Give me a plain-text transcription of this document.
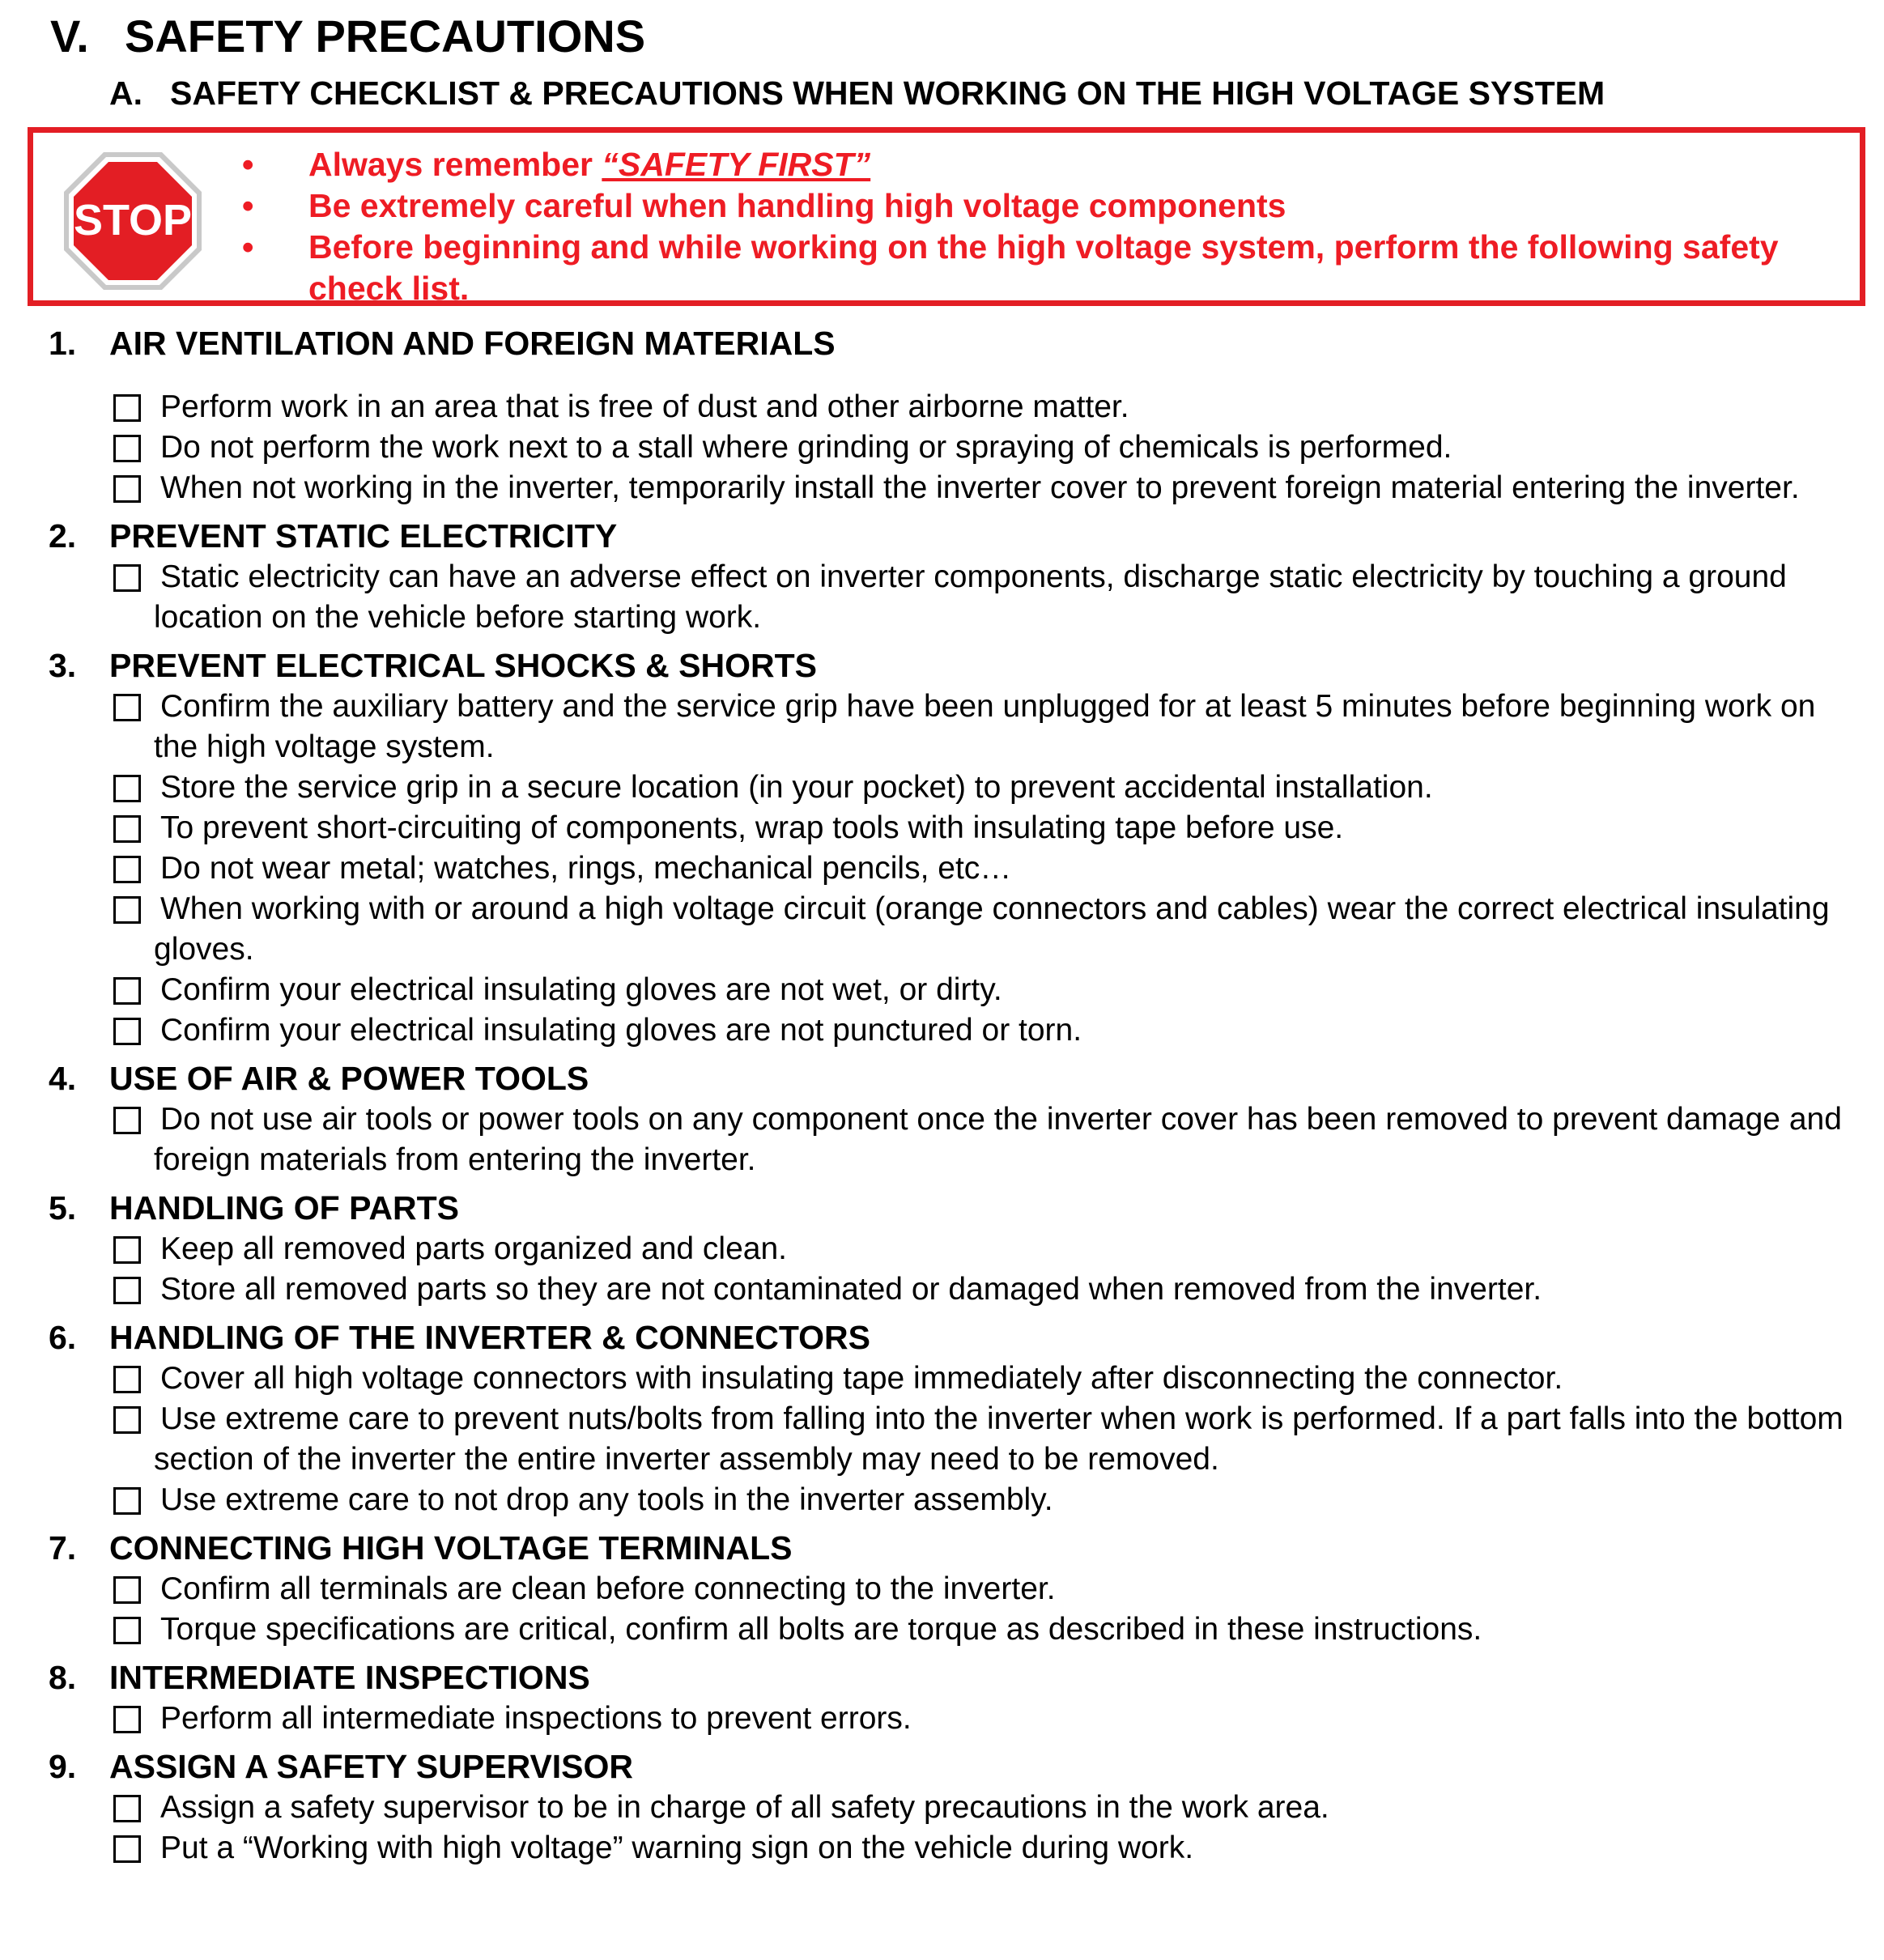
V. SAFETY PRECAUTIONS
A. SAFETY CHECKLIST & PRECAUTIONS WHEN WORKING ON THE HIGH VOLTAGE SYSTEM
STOP
• Always remember “SAFETY FIRST”
• Be extremely careful when handling high voltage components
• Before beginning and while working on the high voltage system, perform the following safety check list.
1. AIR VENTILATION AND FOREIGN MATERIALS
Perform work in an area that is free of dust and other airborne matter.
Do not perform the work next to a stall where grinding or spraying of chemicals is performed.
When not working in the inverter, temporarily install the inverter cover to prevent foreign material entering the inverter.
2. PREVENT STATIC ELECTRICITY
Static electricity can have an adverse effect on inverter components, discharge static electricity by touching a ground location on the vehicle before starting work.
3. PREVENT ELECTRICAL SHOCKS & SHORTS
Confirm the auxiliary battery and the service grip have been unplugged for at least 5 minutes before beginning work on the high voltage system.
Store the service grip in a secure location (in your pocket) to prevent accidental installation.
To prevent short-circuiting of components, wrap tools with insulating tape before use.
Do not wear metal; watches, rings, mechanical pencils, etc…
When working with or around a high voltage circuit (orange connectors and cables) wear the correct electrical insulating gloves.
Confirm your electrical insulating gloves are not wet, or dirty.
Confirm your electrical insulating gloves are not punctured or torn.
4. USE OF AIR & POWER TOOLS
Do not use air tools or power tools on any component once the inverter cover has been removed to prevent damage and foreign materials from entering the inverter.
5. HANDLING OF PARTS
Keep all removed parts organized and clean.
Store all removed parts so they are not contaminated or damaged when removed from the inverter.
6. HANDLING OF THE INVERTER & CONNECTORS
Cover all high voltage connectors with insulating tape immediately after disconnecting the connector.
Use extreme care to prevent nuts/bolts from falling into the inverter when work is performed. If a part falls into the bottom section of the inverter the entire inverter assembly may need to be removed.
Use extreme care to not drop any tools in the inverter assembly.
7. CONNECTING HIGH VOLTAGE TERMINALS
Confirm all terminals are clean before connecting to the inverter.
Torque specifications are critical, confirm all bolts are torque as described in these instructions.
8. INTERMEDIATE INSPECTIONS
Perform all intermediate inspections to prevent errors.
9. ASSIGN A SAFETY SUPERVISOR
Assign a safety supervisor to be in charge of all safety precautions in the work area.
Put a “Working with high voltage” warning sign on the vehicle during work.
